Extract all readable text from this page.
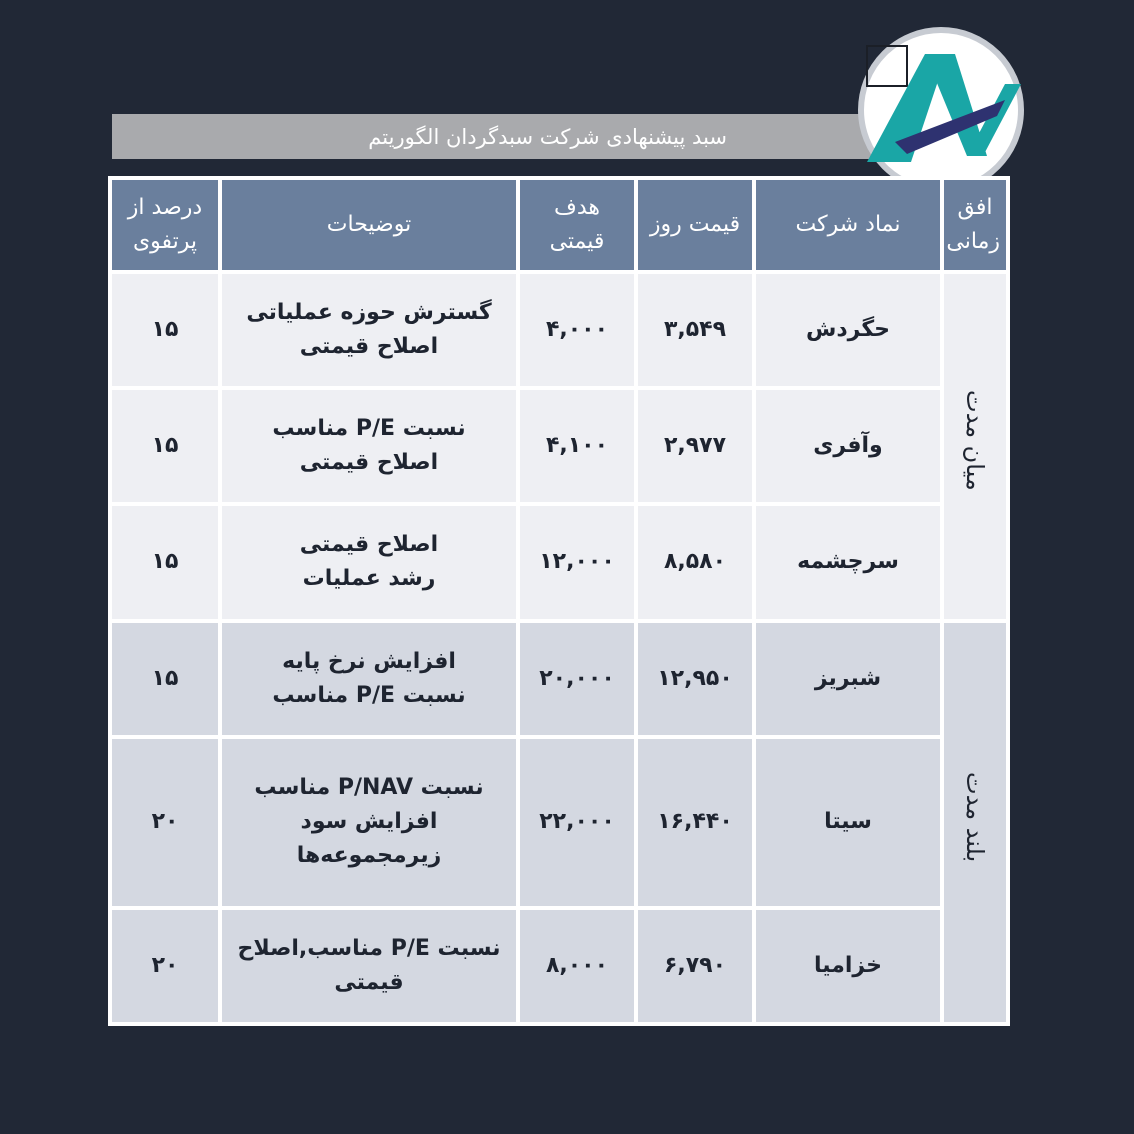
سبد پیشنهادی شرکت سبدگردان الگوریتم
افق زمانی	نماد شرکت	قیمت روز	هدف قیمتی	توضیحات	درصد از پرتفوی
میان مدت	حگردش	۳,۵۴۹	۴,۰۰۰	گسترش حوزه عملیاتی
اصلاح قیمتی	۱۵
	وآفری	۲,۹۷۷	۴,۱۰۰	نسبت P/E مناسب
اصلاح قیمتی	۱۵
	سرچشمه	۸,۵۸۰	۱۲,۰۰۰	اصلاح قیمتی
رشد عملیات	۱۵
بلند مدت	شبریز	۱۲,۹۵۰	۲۰,۰۰۰	افزایش نرخ پایه
نسبت P/E مناسب	۱۵
	سیتا	۱۶,۴۴۰	۲۲,۰۰۰	نسبت P/NAV مناسب
افزایش سود
زیرمجموعه‌ها	۲۰
	خزامیا	۶,۷۹۰	۸,۰۰۰	نسبت P/E مناسب,اصلاح
قیمتی	۲۰
